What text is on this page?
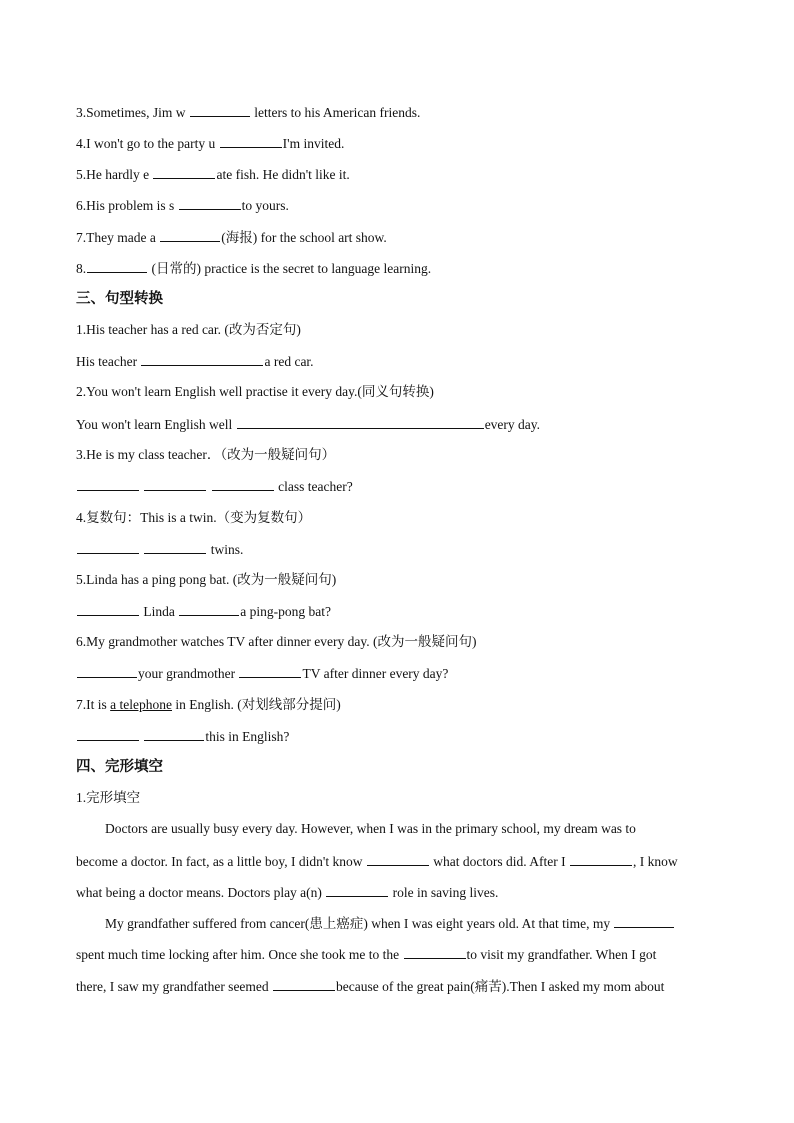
3.Sometimes, Jim w	letters to his American friends.
4.I won't go to the party u	I'm invited.
5.He hardly e	ate fish. He didn't like it.
6.His problem is s	to yours.
7.They made a	(海报) for the school art show.
8.	(日常的) practice is the secret to language learning.
三、句型转换
1.His teacher has a red car. (改为否定句)
His teacher	a red car.
2.You won't learn English well practise it every day.(同义句转换)
You won't learn English well	every day.
3.He is my class teacher．（改为一般疑问句）
class teacher?
4.复数句：This is a twin.（变为复数句）
twins.
5.Linda has a ping pong bat. (改为一般疑问句)
Linda	a ping-pong bat?
6.My grandmother watches TV after dinner every day. (改为一般疑问句)
your grandmother	TV after dinner every day?
7.It is a telephone in English. (对划线部分提问)
this in English?
四、完形填空
1.完形填空
Doctors are usually busy every day. However, when I was in the primary school, my dream was to
become a doctor. In fact, as a little boy, I didn't know	what doctors did. After I	, I know
what being a doctor means. Doctors play a(n)	role in saving lives.
My grandfather suffered from cancer(患上癌症) when I was eight years old. At that time, my
spent much time locking after him. Once she took me to the	to visit my grandfather. When I got
there, I saw my grandfather seemed	because of the great pain(痛苦).Then I asked my mom about
